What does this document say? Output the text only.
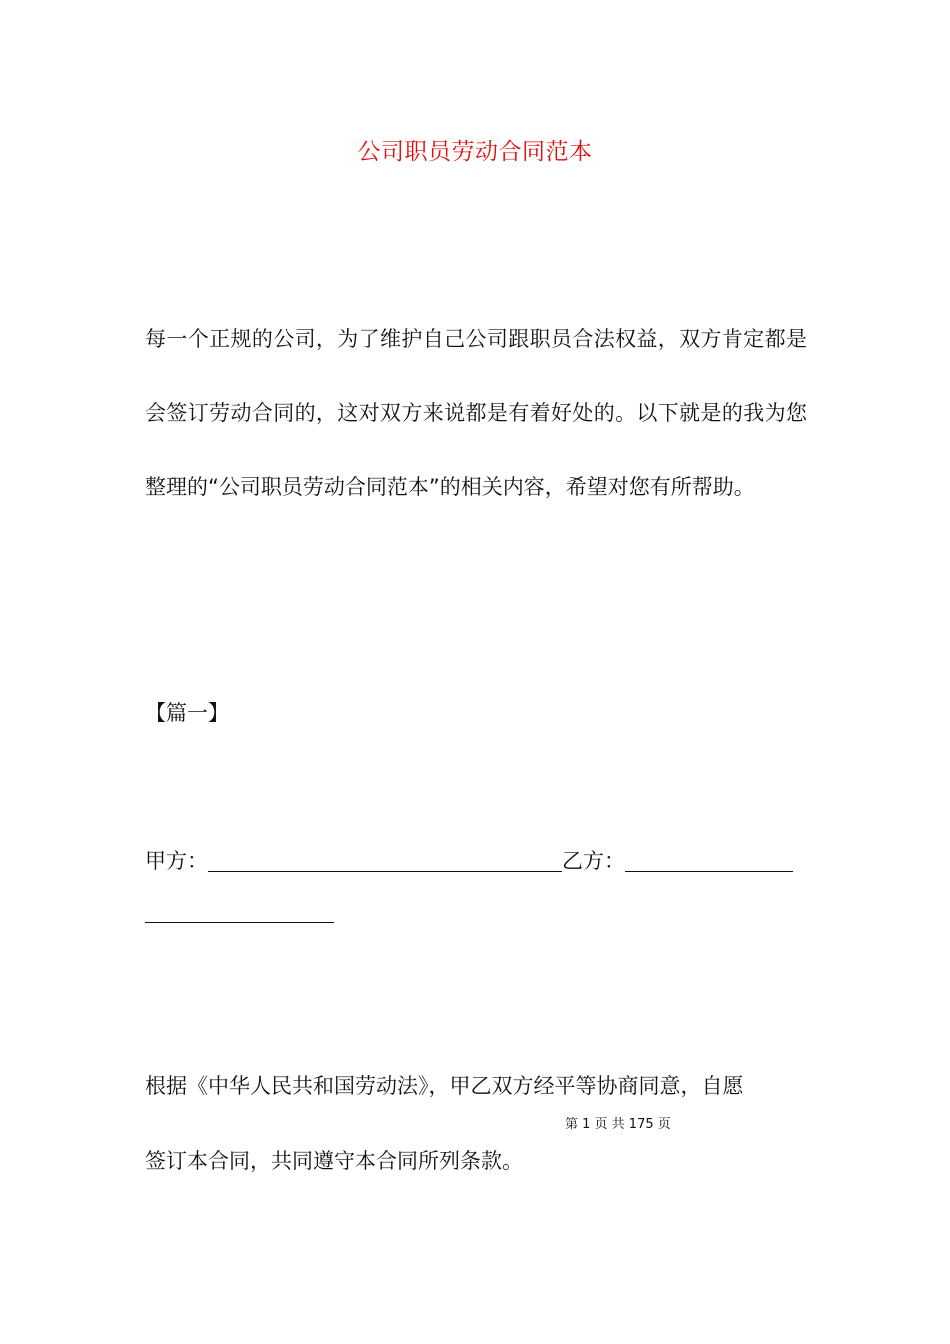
公司职员劳动合同范本

每一个正规的公司，为了维护自己公司跟职员合法权益，双方肯定都是会签订劳动合同的，这对双方来说都是有着好处的。以下就是的我为您整理的“公司职员劳动合同范本”的相关内容，希望对您有所帮助。

【篇一】
甲方：	乙方：
根据《中华人民共和国劳动法》，甲乙双方经平等协商同意，自愿
第 1 页 共 175 页
签订本合同，共同遵守本合同所列条款。
